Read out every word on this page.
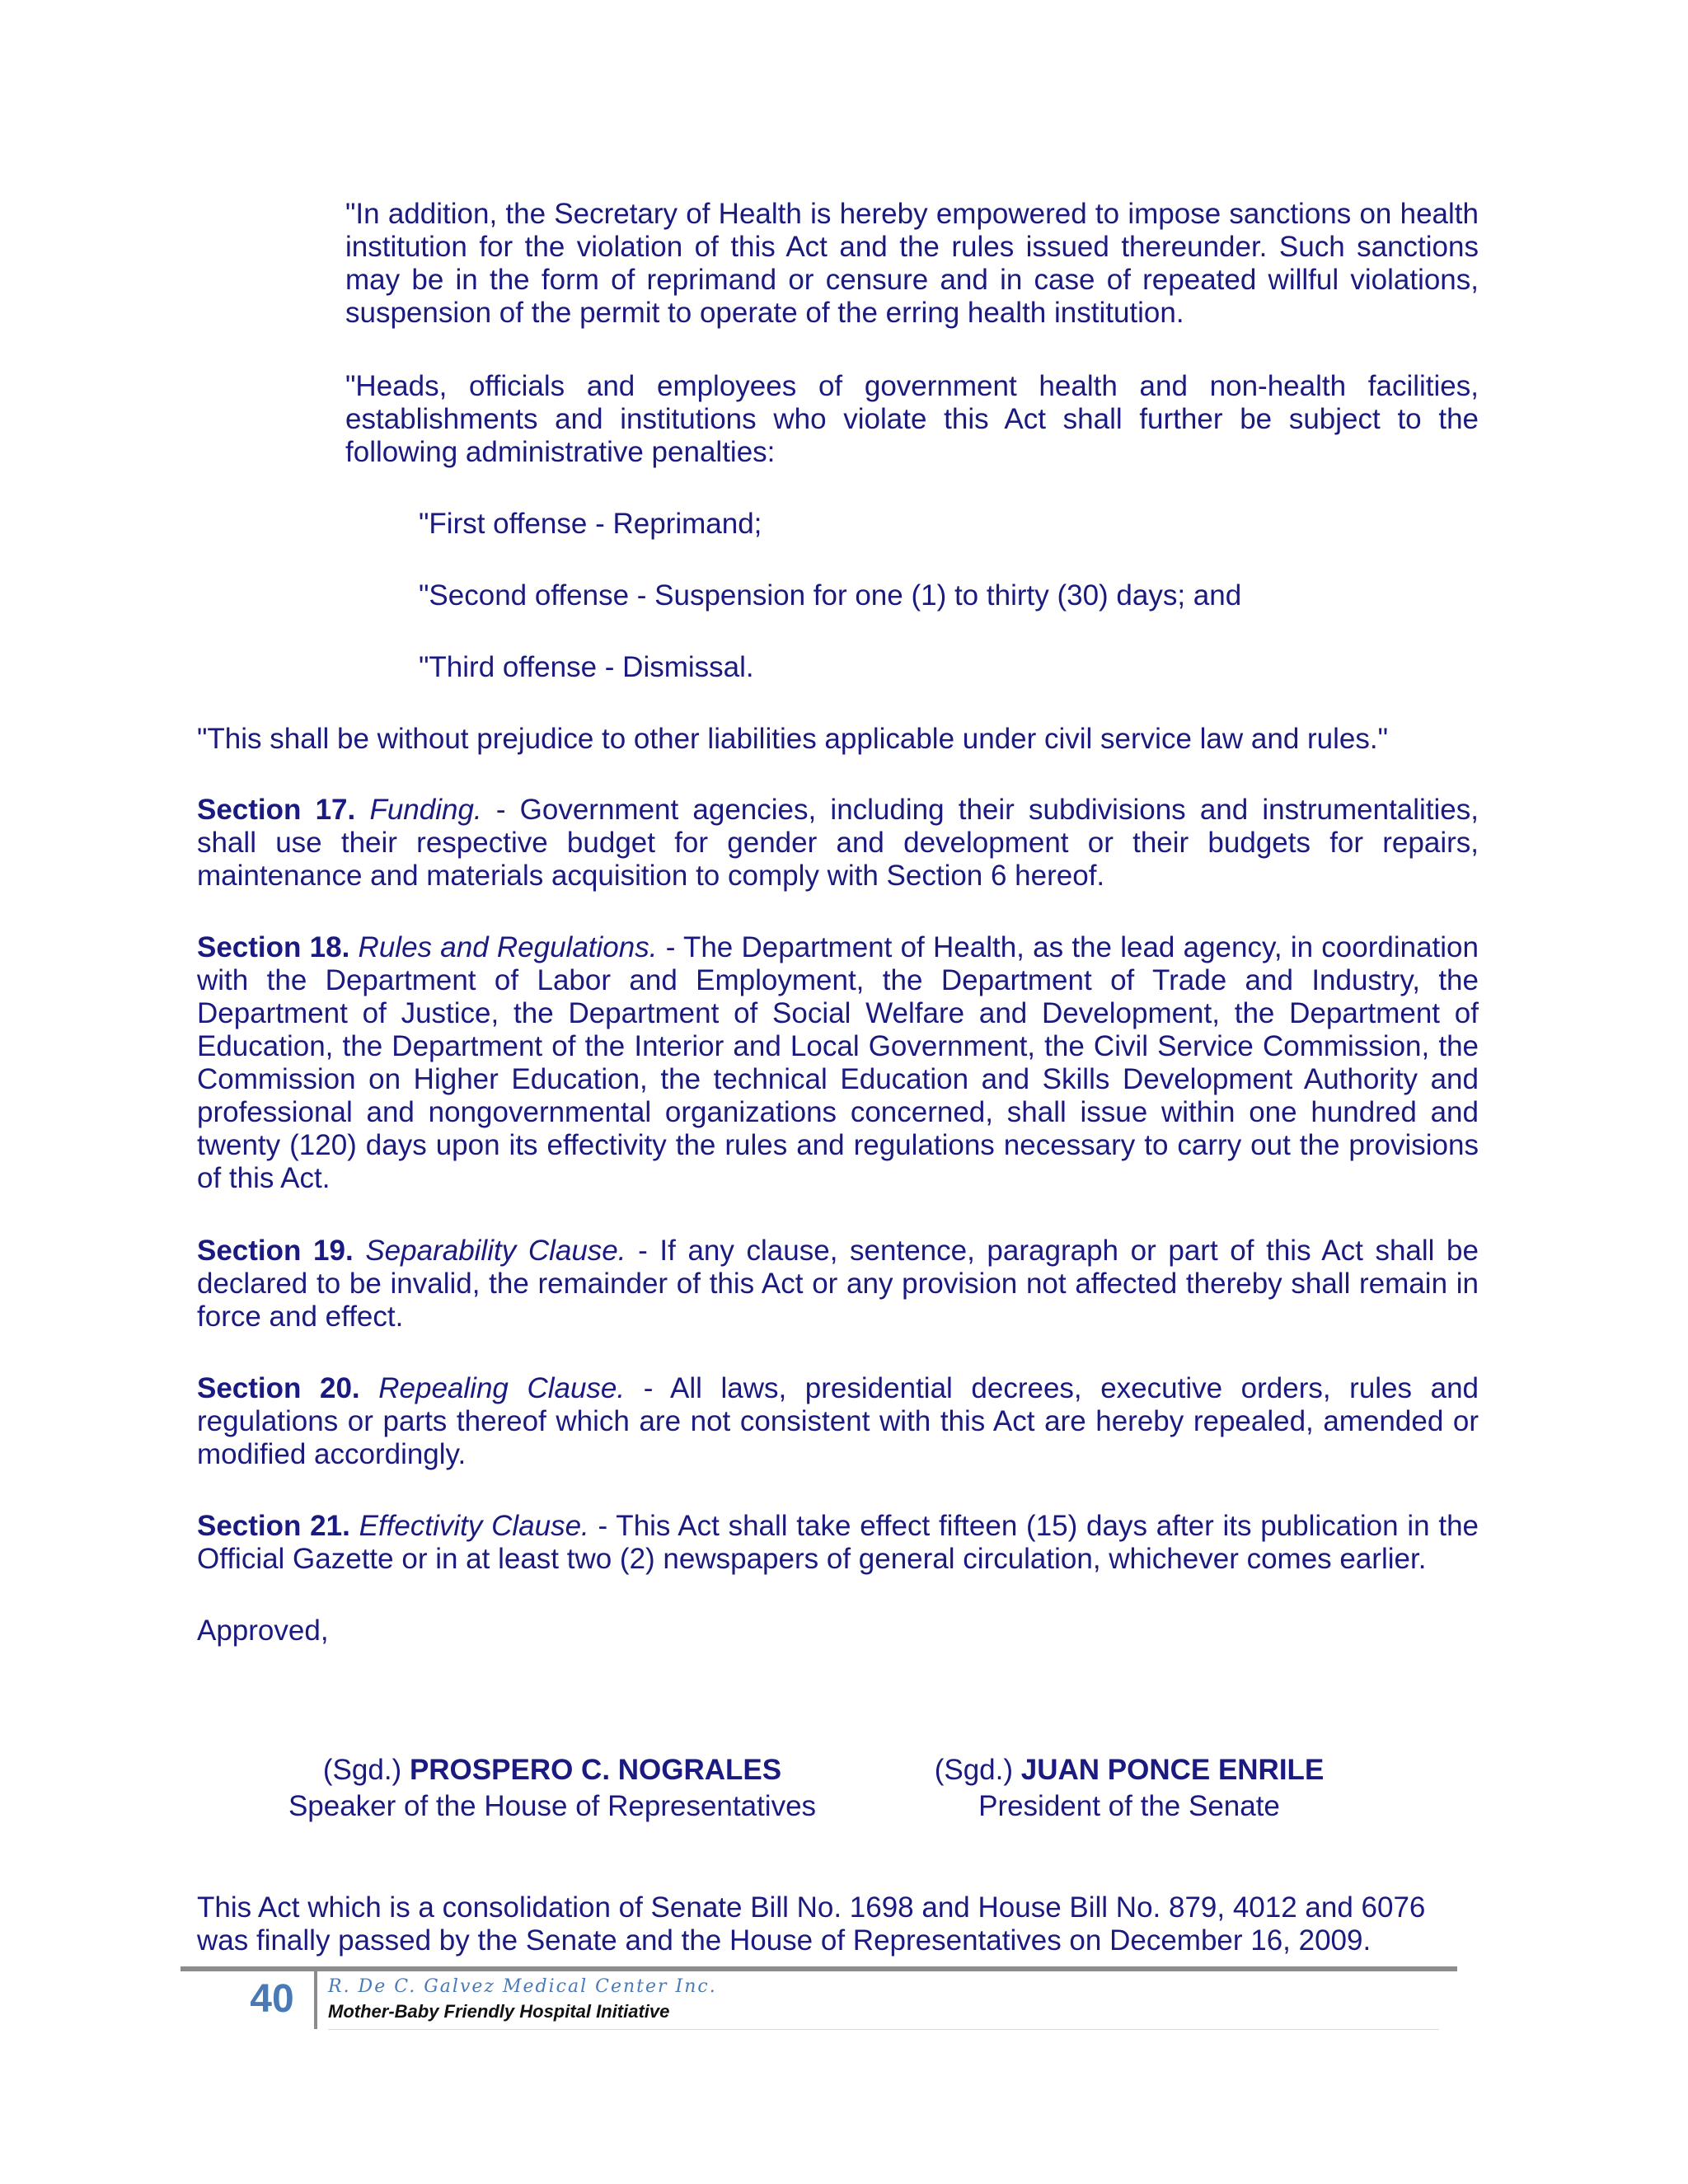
"In addition, the Secretary of Health is hereby empowered to impose sanctions on health institution for the violation of this Act and the rules issued thereunder. Such sanctions may be in the form of reprimand or censure and in case of repeated willful violations, suspension of the permit to operate of the erring health institution.

"Heads, officials and employees of government health and non-health facilities, establishments and institutions who violate this Act shall further be subject to the following administrative penalties:

"First offense - Reprimand;

"Second offense - Suspension for one (1) to thirty (30) days; and

"Third offense - Dismissal.

"This shall be without prejudice to other liabilities applicable under civil service law and rules."

Section 17. Funding. - Government agencies, including their subdivisions and instrumentalities, shall use their respective budget for gender and development or their budgets for repairs, maintenance and materials acquisition to comply with Section 6 hereof.

Section 18. Rules and Regulations. - The Department of Health, as the lead agency, in coordination with the Department of Labor and Employment, the Department of Trade and Industry, the Department of Justice, the Department of Social Welfare and Development, the Department of Education, the Department of the Interior and Local Government, the Civil Service Commission, the Commission on Higher Education, the technical Education and Skills Development Authority and professional and nongovernmental organizations concerned, shall issue within one hundred and twenty (120) days upon its effectivity the rules and regulations necessary to carry out the provisions of this Act.

Section 19. Separability Clause. - If any clause, sentence, paragraph or part of this Act shall be declared to be invalid, the remainder of this Act or any provision not affected thereby shall remain in force and effect.

Section 20. Repealing Clause. - All laws, presidential decrees, executive orders, rules and regulations or parts thereof which are not consistent with this Act are hereby repealed, amended or modified accordingly.

Section 21. Effectivity Clause. - This Act shall take effect fifteen (15) days after its publication in the Official Gazette or in at least two (2) newspapers of general circulation, whichever comes earlier.

Approved,

(Sgd.) PROSPERO C. NOGRALES
Speaker of the House of Representatives
(Sgd.) JUAN PONCE ENRILE
President of the Senate

This Act which is a consolidation of Senate Bill No. 1698 and House Bill No. 879, 4012 and 6076 was finally passed by the Senate and the House of Representatives on December 16, 2009.

40	R. De C. Galvez Medical Center Inc.
Mother-Baby Friendly Hospital Initiative
